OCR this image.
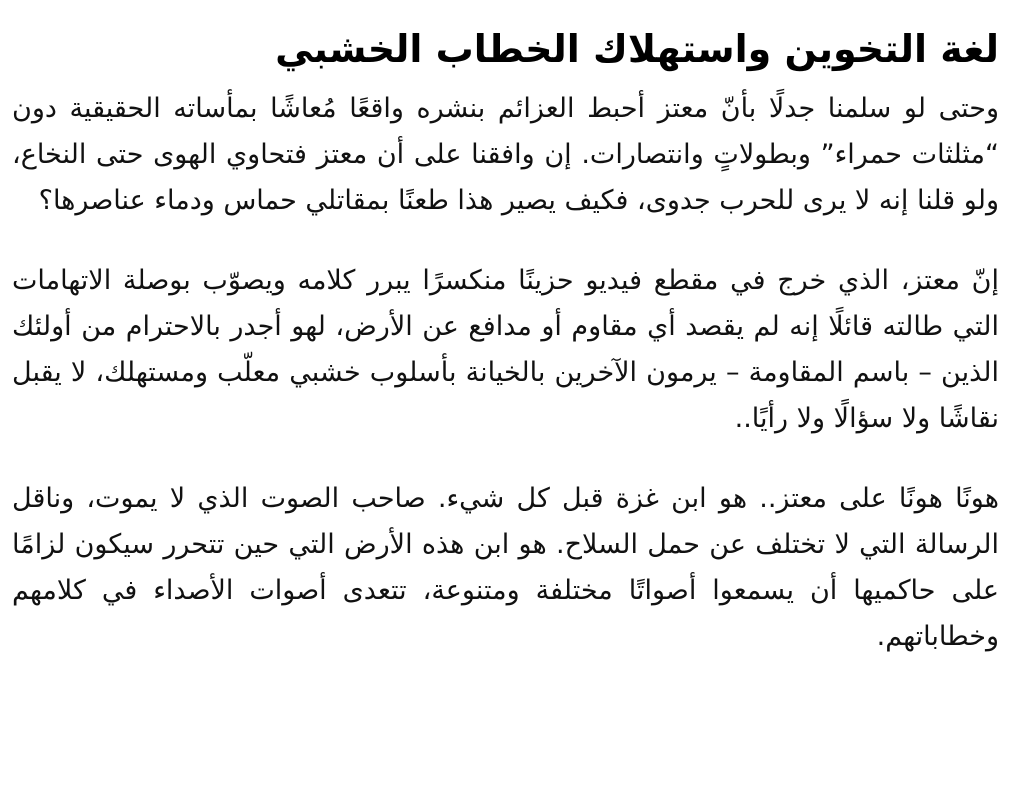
لغة التخوين واستهلاك الخطاب الخشبي

وحتى لو سلمنا جدلًا بأنّ معتز أحبط العزائم بنشره واقعًا مُعاشًا بمأساته الحقيقية دون “مثلثات حمراء” وبطولاتٍ وانتصارات. إن وافقنا على أن معتز فتحاوي الهوى حتى النخاع، ولو قلنا إنه لا يرى للحرب جدوى، فكيف يصير هذا طعنًا بمقاتلي حماس ودماء عناصرها؟

إنّ معتز، الذي خرج في مقطع فيديو حزينًا منكسرًا يبرر كلامه ويصوّب بوصلة الاتهامات التي طالته قائلًا إنه لم يقصد أي مقاوم أو مدافع عن الأرض، لهو أجدر بالاحترام من أولئك الذين – باسم المقاومة – يرمون الآخرين بالخيانة بأسلوب خشبي معلّب ومستهلك، لا يقبل نقاشًا ولا سؤالًا ولا رأيًا..

هونًا هونًا على معتز.. هو ابن غزة قبل كل شيء. صاحب الصوت الذي لا يموت، وناقل الرسالة التي لا تختلف عن حمل السلاح. هو ابن هذه الأرض التي حين تتحرر سيكون لزامًا على حاكميها أن يسمعوا أصواتًا مختلفة ومتنوعة، تتعدى أصوات الأصداء في كلامهم وخطاباتهم.
